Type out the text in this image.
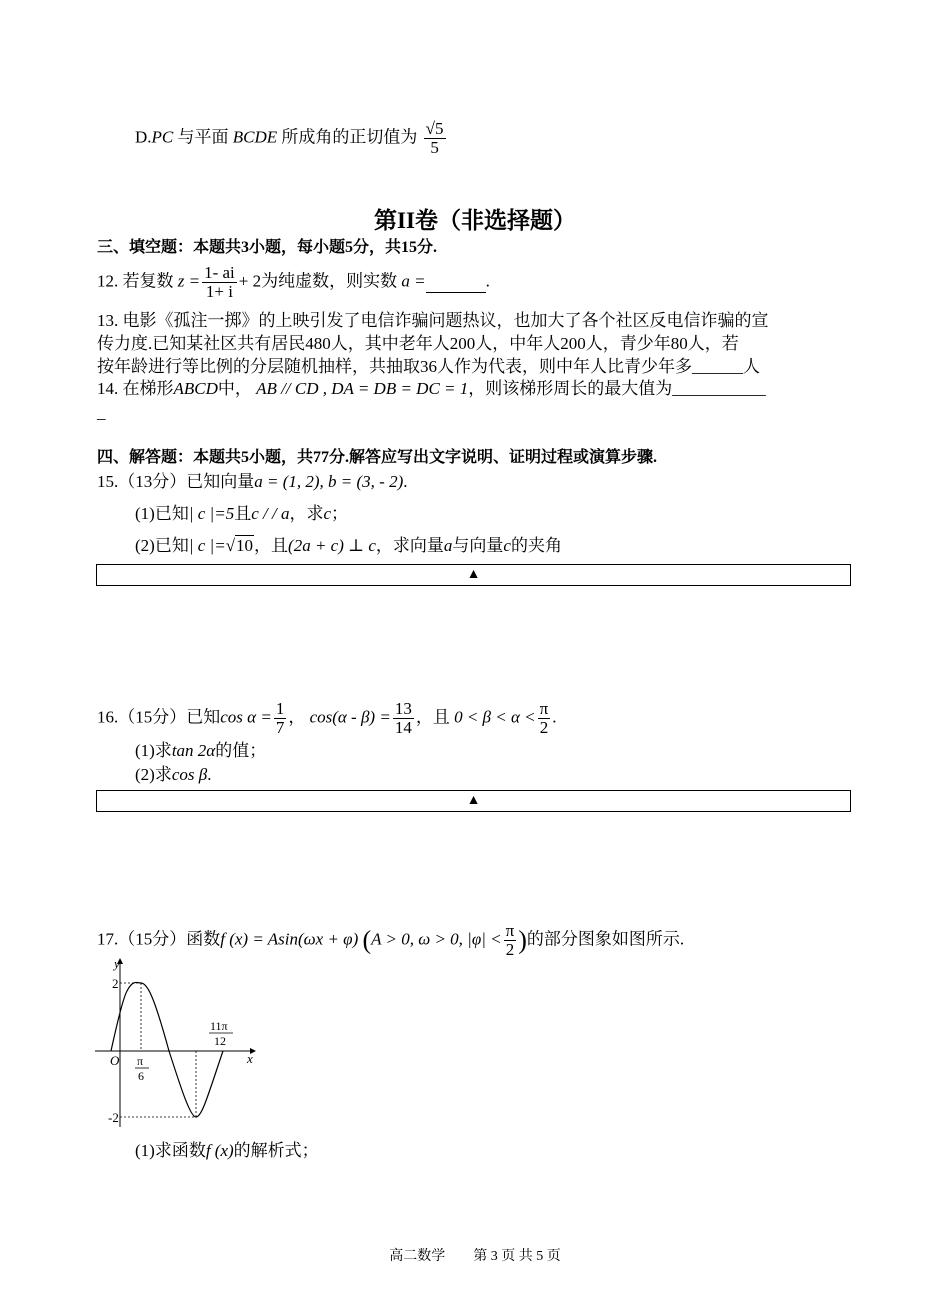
D.PC 与平面 BCDE 所成角的正切值为 $\frac{√5}{5}$
第II卷（非选择题）
三、填空题：本题共3小题，每小题5分，共15分.
12. 若复数 $z = \frac{1- ai}{1+ i} + 2$为纯虚数，则实数 a =	.
13. 电影《孤注一掷》的上映引发了电信诈骗问题热议，也加大了各个社区反电信诈骗的宣
传力度.已知某社区共有居民480人，其中老年人200人，中年人200人，青少年80人，若
按年龄进行等比例的分层随机抽样，共抽取36人作为代表，则中年人比青少年多______人
14. 在梯形ABCD中， AB // CD , DA = DB = DC = 1，则该梯形周长的最大值为___________
_
四、解答题：本题共5小题，共77分.解答应写出文字说明、证明过程或演算步骤.
15.（13分）已知向量a = (1, 2), b = (3, - 2).
(1)已知| c |=5且c / / a，求c；
(2)已知| c |=√10，且(2a + c) ⊥ c，求向量a与向量c的夹角
▲
16.（15分）已知$\cos \alpha = \frac{1}{7}$ ， $\cos(\alpha - \beta) = \frac{13}{14}$ ，且 $0 < \beta < \alpha < \frac{\pi}{2}$ .
(1)求tan 2α的值；
(2)求cos β.
▲
17.（15分）函数f (x) = Asin(ωx + φ) (A > 0, ω > 0, $|\varphi| < \frac{\pi}{2}$ )的部分图象如图所示.
y
x
O
2
-2
π
6
11π
12
(1)求函数f (x)的解析式；
高二数学　　第 3 页 共 5 页
